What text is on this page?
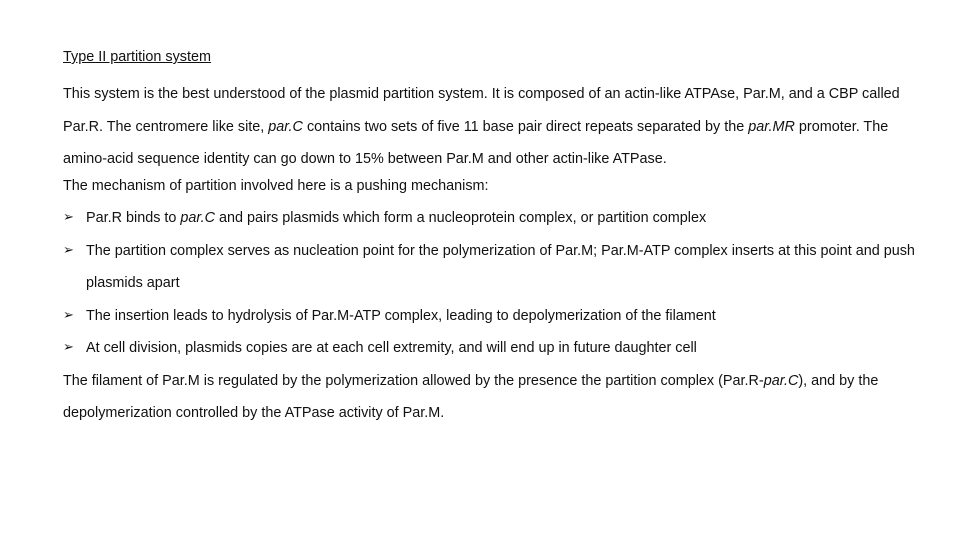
Type II partition system

This system is the best understood of the plasmid partition system. It is composed of an actin-like ATPAse, Par.M, and a CBP called Par.R. The centromere like site, par.C contains two sets of five 11 base pair direct repeats separated by the par.MR promoter. The amino-acid sequence identity can go down to 15% between Par.M and other actin-like ATPase.

The mechanism of partition involved here is a pushing mechanism:

➢ Par.R binds to par.C and pairs plasmids which form a nucleoprotein complex, or partition complex
➢ The partition complex serves as nucleation point for the polymerization of Par.M; Par.M-ATP complex inserts at this point and push plasmids apart
➢ The insertion leads to hydrolysis of Par.M-ATP complex, leading to depolymerization of the filament
➢ At cell division, plasmids copies are at each cell extremity, and will end up in future daughter cell

The filament of Par.M is regulated by the polymerization allowed by the presence the partition complex (Par.R-par.C), and by the depolymerization controlled by the ATPase activity of Par.M.
